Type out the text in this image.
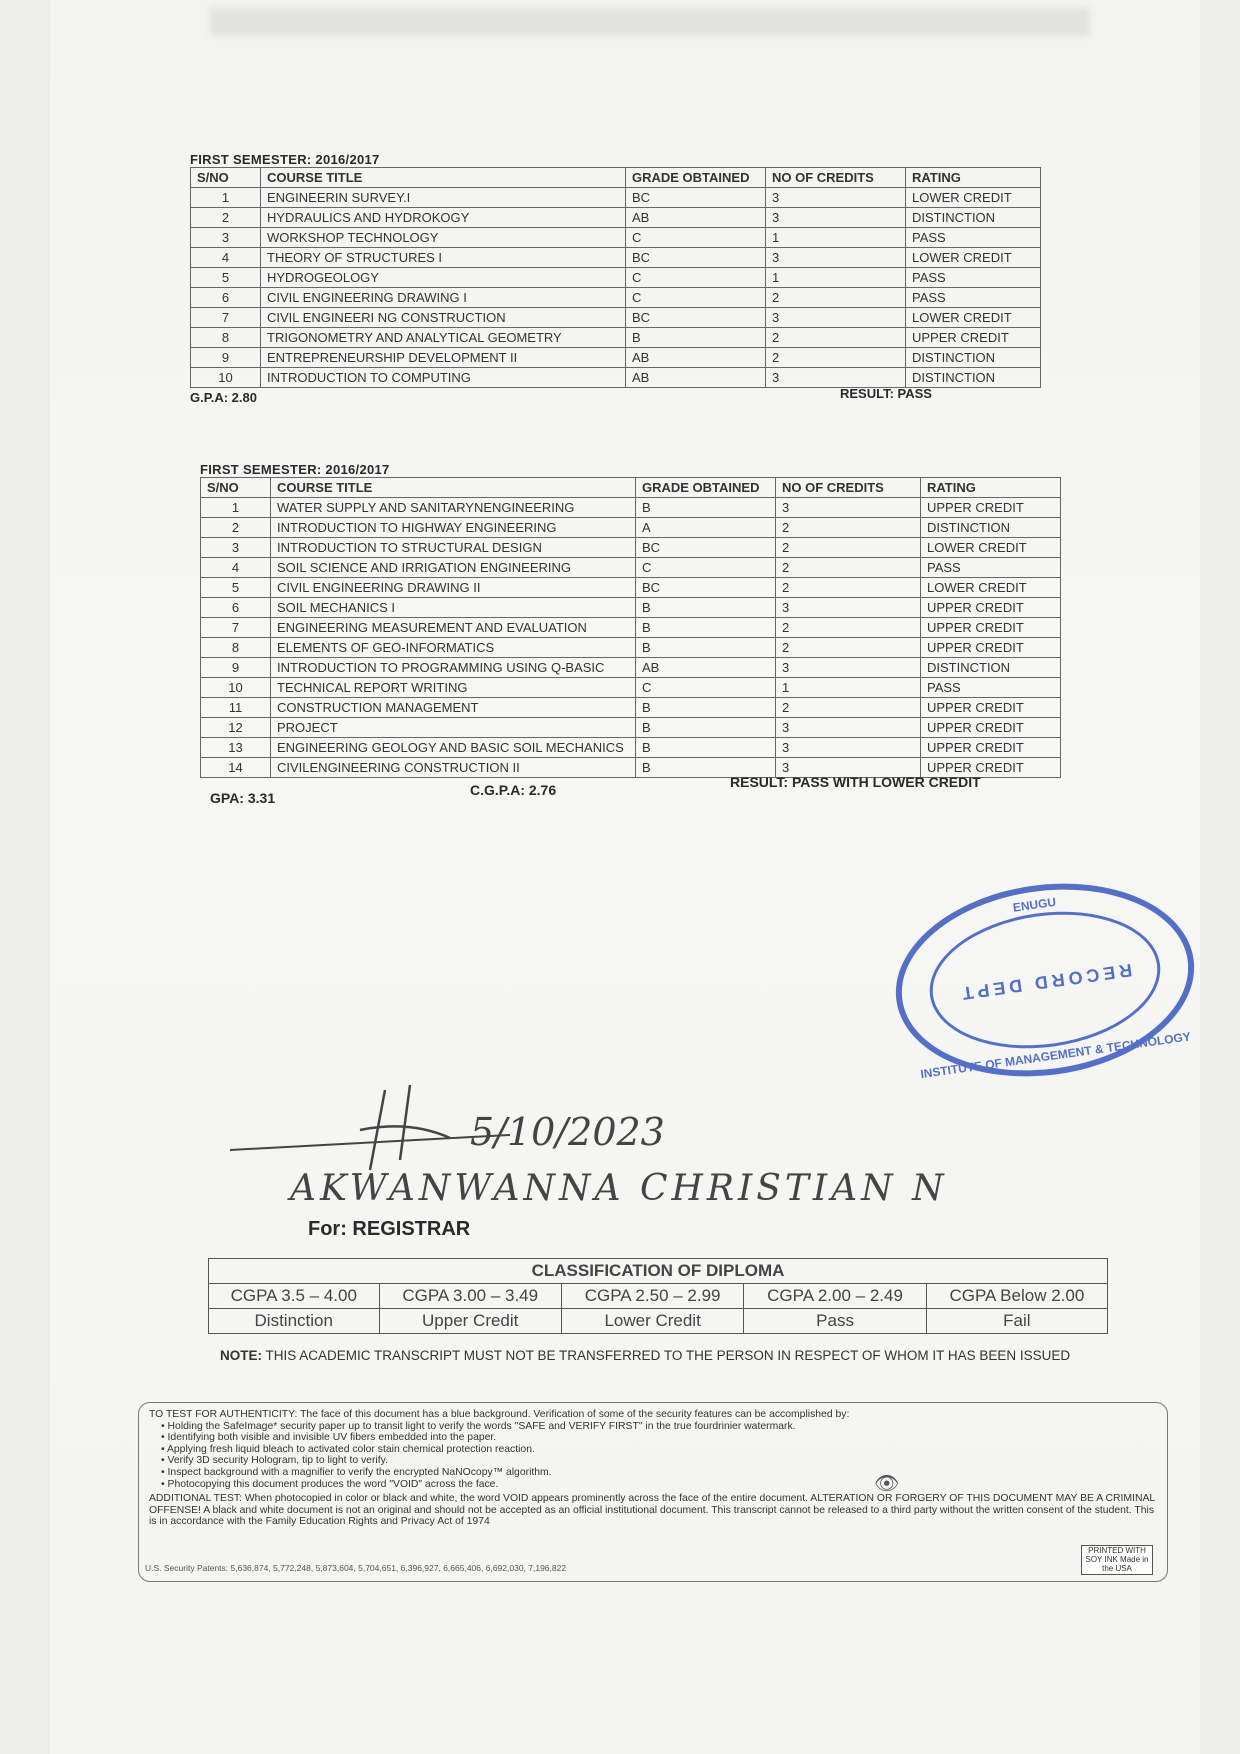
FIRST SEMESTER: 2016/2017
S/NO	COURSE TITLE	GRADE OBTAINED	NO OF CREDITS	RATING
1	ENGINEERIN SURVEY.I	BC	3	LOWER CREDIT
2	HYDRAULICS AND HYDROKOGY	AB	3	DISTINCTION
3	WORKSHOP TECHNOLOGY	C	1	PASS
4	THEORY OF STRUCTURES I	BC	3	LOWER CREDIT
5	HYDROGEOLOGY	C	1	PASS
6	CIVIL ENGINEERING DRAWING I	C	2	PASS
7	CIVIL ENGINEERI NG CONSTRUCTION	BC	3	LOWER CREDIT
8	TRIGONOMETRY AND ANALYTICAL GEOMETRY	B	2	UPPER CREDIT
9	ENTREPRENEURSHIP DEVELOPMENT II	AB	2	DISTINCTION
10	INTRODUCTION TO COMPUTING	AB	3	DISTINCTION
G.P.A: 2.80	RESULT: PASS
FIRST SEMESTER: 2016/2017
S/NO	COURSE TITLE	GRADE OBTAINED	NO OF CREDITS	RATING
1	WATER SUPPLY AND SANITARYNENGINEERING	B	3	UPPER CREDIT
2	INTRODUCTION TO HIGHWAY ENGINEERING	A	2	DISTINCTION
3	INTRODUCTION TO STRUCTURAL DESIGN	BC	2	LOWER CREDIT
4	SOIL SCIENCE AND IRRIGATION ENGINEERING	C	2	PASS
5	CIVIL ENGINEERING DRAWING II	BC	2	LOWER CREDIT
6	SOIL MECHANICS I	B	3	UPPER CREDIT
7	ENGINEERING MEASUREMENT AND EVALUATION	B	2	UPPER CREDIT
8	ELEMENTS OF GEO-INFORMATICS	B	2	UPPER CREDIT
9	INTRODUCTION TO PROGRAMMING USING Q-BASIC	AB	3	DISTINCTION
10	TECHNICAL REPORT WRITING	C	1	PASS
11	CONSTRUCTION MANAGEMENT	B	2	UPPER CREDIT
12	PROJECT	B	3	UPPER CREDIT
13	ENGINEERING GEOLOGY AND BASIC SOIL MECHANICS	B	3	UPPER CREDIT
14	CIVILENGINEERING CONSTRUCTION II	B	3	UPPER CREDIT
GPA: 3.31	C.G.P.A: 2.76	RESULT: PASS WITH LOWER CREDIT
ENUGU
RECORD DEPT
INSTITUTE OF MANAGEMENT & TECHNOLOGY
5/10/2023
AKWANWANNA CHRISTIAN N
For: REGISTRAR
CLASSIFICATION OF DIPLOMA				
CGPA 3.5 – 4.00	CGPA 3.00 – 3.49	CGPA 2.50 – 2.99	CGPA 2.00 – 2.49	CGPA Below 2.00
Distinction	Upper Credit	Lower Credit	Pass	Fail
NOTE: THIS ACADEMIC TRANSCRIPT MUST NOT BE TRANSFERRED TO THE PERSON IN RESPECT OF WHOM IT HAS BEEN ISSUED
TO TEST FOR AUTHENTICITY: The face of this document has a blue background. Verification of some of the security features can be accomplished by:
• Holding the SafeImage* security paper up to transit light to verify the words "SAFE and VERIFY FIRST" in the true fourdrinier watermark.
• Identifying both visible and invisible UV fibers embedded into the paper.
• Applying fresh liquid bleach to activated color stain chemical protection reaction.
• Verify 3D security Hologram, tip to light to verify.
• Inspect background with a magnifier to verify the encrypted NaNOcopy™ algorithm.
• Photocopying this document produces the word "VOID" across the face.
ADDITIONAL TEST: When photocopied in color or black and white, the word VOID appears prominently across the face of the entire document. ALTERATION OR FORGERY OF THIS DOCUMENT MAY BE A CRIMINAL OFFENSE! A black and white document is not an original and should not be accepted as an official institutional document. This transcript cannot be released to a third party without the written consent of the student. This is in accordance with the Family Education Rights and Privacy Act of 1974
U.S. Security Patents: 5,636,874, 5,772,248, 5,873,604, 5,704,651, 6,396,927, 6,665,406, 6,692,030, 7,196,822
PRINTED WITH SOY INK Made in the USA
👁
